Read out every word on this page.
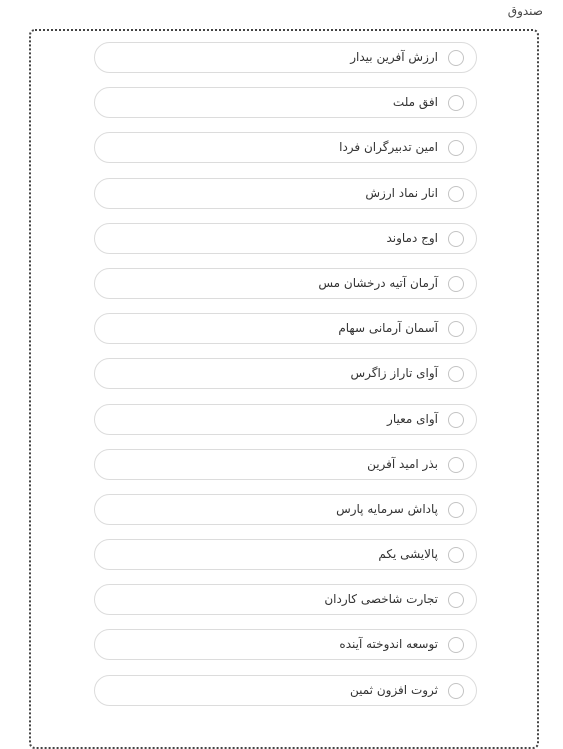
صندوق
ارزش آفرین بیدار
افق ملت
امین تدبیرگران فردا
انار نماد ارزش
اوج دماوند
آرمان آتیه درخشان مس
آسمان آرمانی سهام
آوای تاراز زاگرس
آوای معیار
بذر امید آفرین
پاداش سرمایه پارس
پالایشی یکم
تجارت شاخصی کاردان
توسعه اندوخته آینده
ثروت افزون ثمین
